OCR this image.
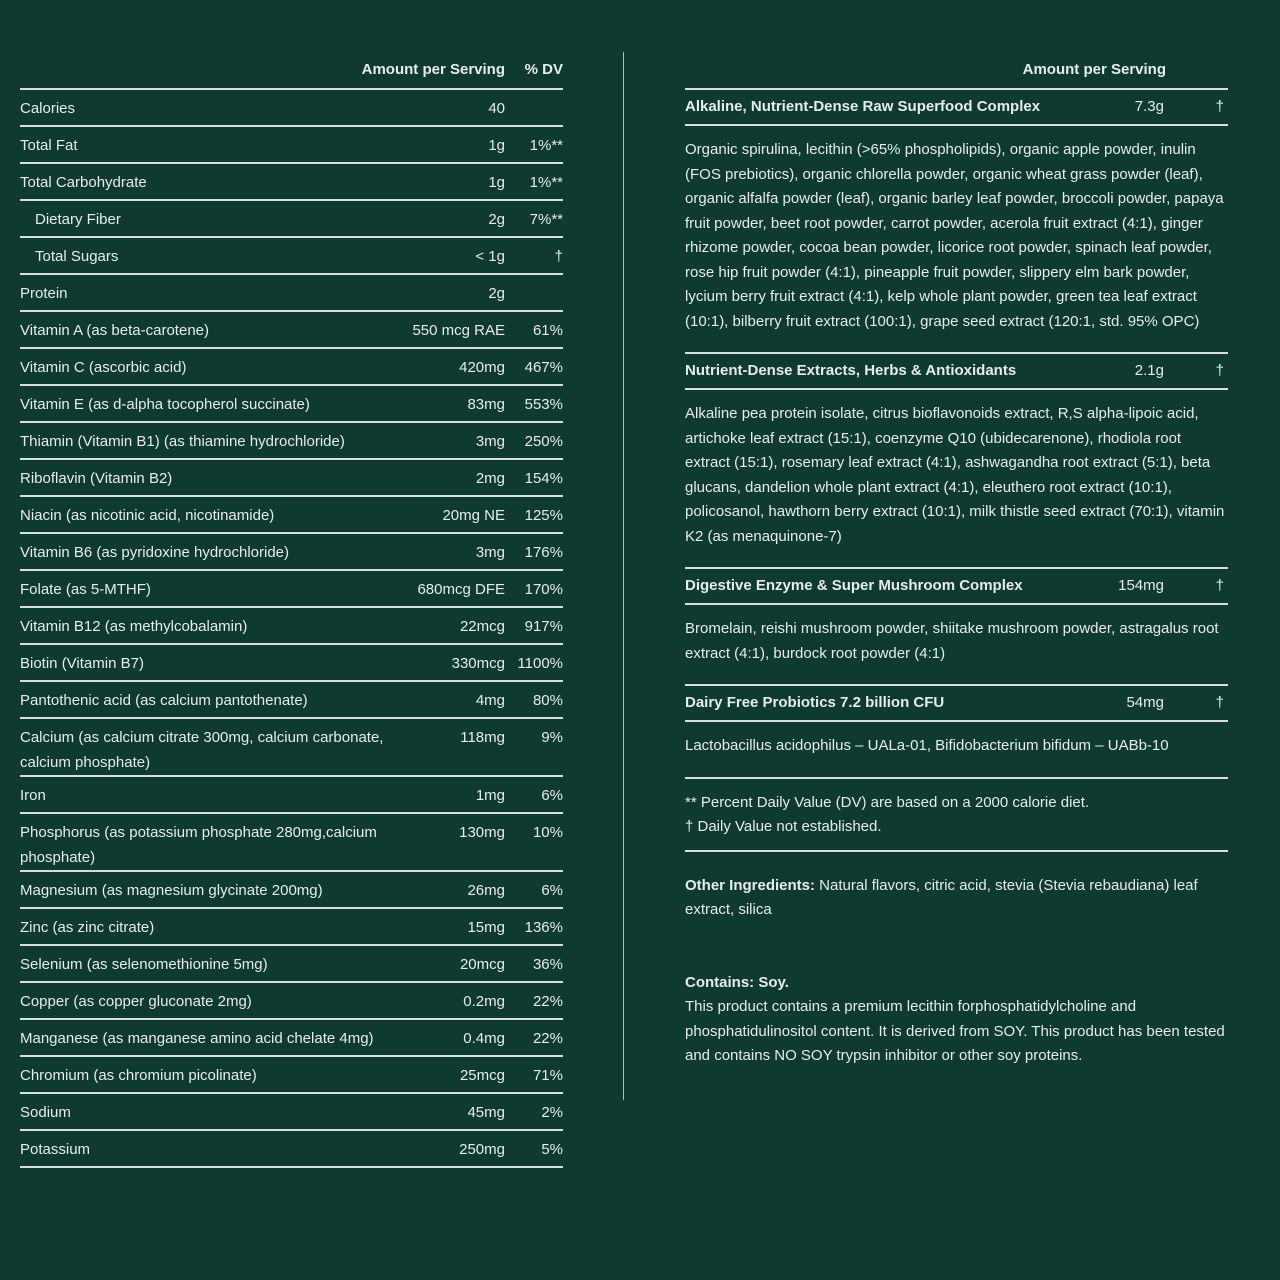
Amount per Serving % DV
Calories	40
Total Fat	1g 1%**
Total Carbohydrate	1g 1%**
Dietary Fiber	2g 7%**
Total Sugars	< 1g	†
Protein	2g
Vitamin A (as beta-carotene)	550 mcg RAE 61%
Vitamin C (ascorbic acid)	420mg 467%
Vitamin E (as d-alpha tocopherol succinate)	83mg 553%
Thiamin (Vitamin B1) (as thiamine hydrochloride)	3mg 250%
Riboflavin (Vitamin B2)	2mg 154%
Niacin (as nicotinic acid, nicotinamide)	20mg NE 125%
Vitamin B6 (as pyridoxine hydrochloride)	3mg 176%
Folate (as 5-MTHF)	680mcg DFE 170%
Vitamin B12 (as methylcobalamin)	22mcg 917%
Biotin (Vitamin B7)	330mcg 1100%
Pantothenic acid (as calcium pantothenate)	4mg 80%
Calcium (as calcium citrate 300mg, calcium carbonate, calcium phosphate)
118mg 9%
Iron	1mg 6%
Phosphorus (as potassium phosphate 280mg,calcium phosphate)
130mg 10%
Magnesium (as magnesium glycinate 200mg)	26mg 6%
Zinc (as zinc citrate)	15mg 136%
Selenium (as selenomethionine 5mg)	20mcg 36%
Copper (as copper gluconate 2mg)	0.2mg 22%
Manganese (as manganese amino acid chelate 4mg)	0.4mg 22%
Chromium (as chromium picolinate)	25mcg 71%
Sodium	45mg 2%
Potassium	250mg 5%
Amount per Serving
Alkaline, Nutrient-Dense Raw Superfood Complex	7.3g	†
Organic spirulina, lecithin (>65% phospholipids), organic apple powder, inulin (FOS prebiotics), organic chlorella powder, organic wheat grass powder (leaf), organic alfalfa powder (leaf), organic barley leaf powder, broccoli powder, papaya fruit powder, beet root powder, carrot powder, acerola fruit extract (4:1), ginger rhizome powder, cocoa bean powder, licorice root powder, spinach leaf powder, rose hip fruit powder (4:1), pineapple fruit powder, slippery elm bark powder, lycium berry fruit extract (4:1), kelp whole plant powder, green tea leaf extract (10:1), bilberry fruit extract (100:1), grape seed extract (120:1, std. 95% OPC)
Nutrient-Dense Extracts, Herbs & Antioxidants	2.1g	†
Alkaline pea protein isolate, citrus bioflavonoids extract, R,S alpha-lipoic acid, artichoke leaf extract (15:1), coenzyme Q10 (ubidecarenone), rhodiola root extract (15:1), rosemary leaf extract (4:1), ashwagandha root extract (5:1), beta glucans, dandelion whole plant extract (4:1), eleuthero root extract (10:1), policosanol, hawthorn berry extract (10:1), milk thistle seed extract (70:1), vitamin K2 (as menaquinone-7)
Digestive Enzyme & Super Mushroom Complex	154mg	†
Bromelain, reishi mushroom powder, shiitake mushroom powder, astragalus root extract (4:1), burdock root powder (4:1)
Dairy Free Probiotics 7.2 billion CFU	54mg	†
Lactobacillus acidophilus – UALa-01, Bifidobacterium bifidum – UABb-10
** Percent Daily Value (DV) are based on a 2000 calorie diet.
† Daily Value not established.
Other Ingredients: Natural flavors, citric acid, stevia (Stevia rebaudiana) leaf extract, silica
Contains: Soy.
This product contains a premium lecithin forphosphatidylcholine and phosphatidulinositol content. It is derived from SOY. This product has been tested and contains NO SOY trypsin inhibitor or other soy proteins.
